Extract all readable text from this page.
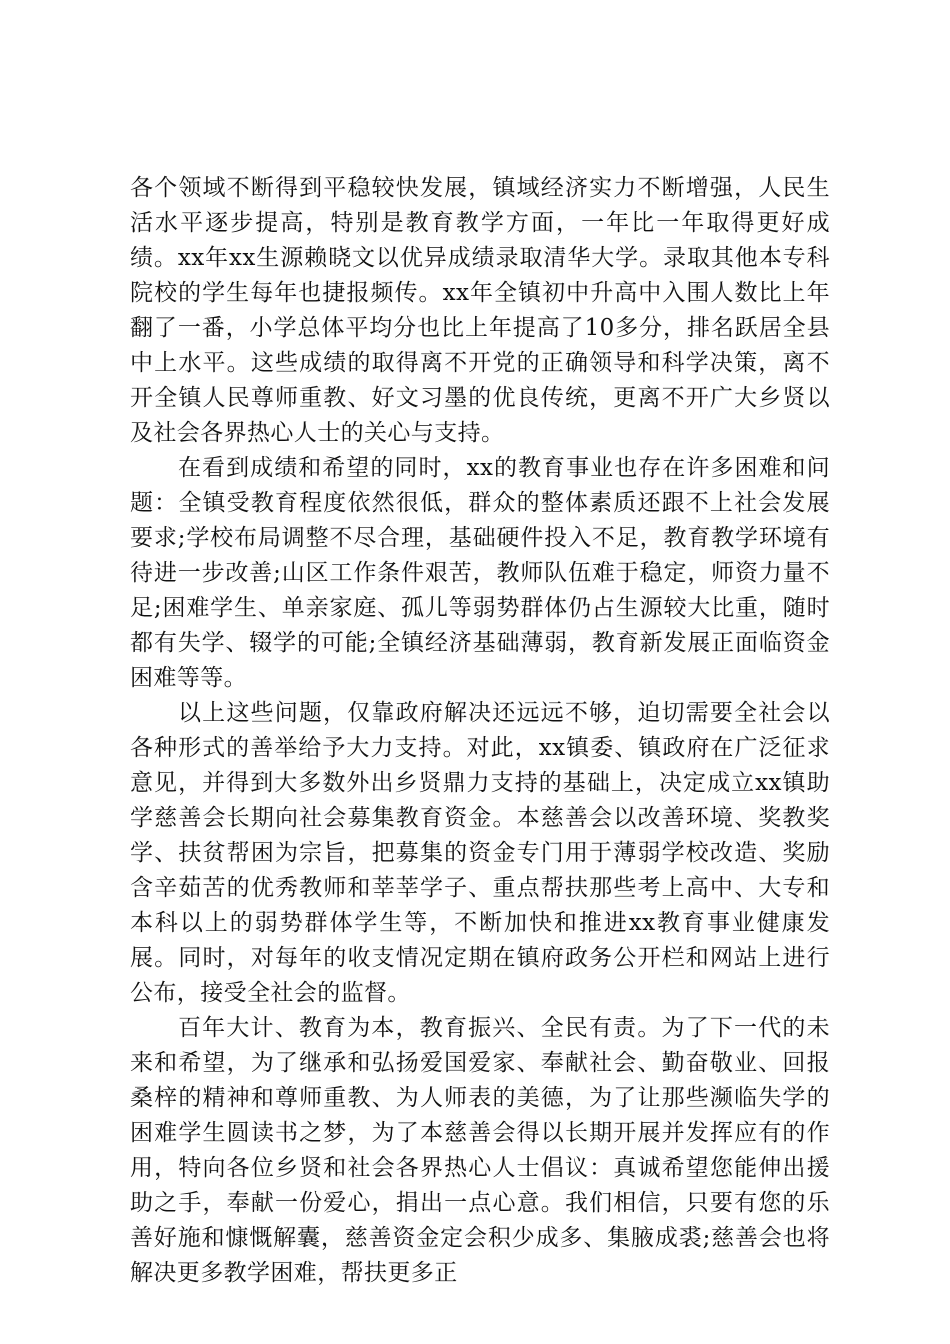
各个领域不断得到平稳较快发展，镇域经济实力不断增强，人民生活水平逐步提高，特别是教育教学方面，一年比一年取得更好成绩。xx年xx生源赖晓文以优异成绩录取清华大学。录取其他本专科院校的学生每年也捷报频传。xx年全镇初中升高中入围人数比上年翻了一番，小学总体平均分也比上年提高了10多分，排名跃居全县中上水平。这些成绩的取得离不开党的正确领导和科学决策，离不开全镇人民尊师重教、好文习墨的优良传统，更离不开广大乡贤以及社会各界热心人士的关心与支持。

在看到成绩和希望的同时，xx的教育事业也存在许多困难和问题：全镇受教育程度依然很低，群众的整体素质还跟不上社会发展要求;学校布局调整不尽合理，基础硬件投入不足，教育教学环境有待进一步改善;山区工作条件艰苦，教师队伍难于稳定，师资力量不足;困难学生、单亲家庭、孤儿等弱势群体仍占生源较大比重，随时都有失学、辍学的可能;全镇经济基础薄弱，教育新发展正面临资金困难等等。

以上这些问题，仅靠政府解决还远远不够，迫切需要全社会以各种形式的善举给予大力支持。对此，xx镇委、镇政府在广泛征求意见，并得到大多数外出乡贤鼎力支持的基础上，决定成立xx镇助学慈善会长期向社会募集教育资金。本慈善会以改善环境、奖教奖学、扶贫帮困为宗旨，把募集的资金专门用于薄弱学校改造、奖励含辛茹苦的优秀教师和莘莘学子、重点帮扶那些考上高中、大专和本科以上的弱势群体学生等，不断加快和推进xx教育事业健康发展。同时，对每年的收支情况定期在镇府政务公开栏和网站上进行公布，接受全社会的监督。

百年大计、教育为本，教育振兴、全民有责。为了下一代的未来和希望，为了继承和弘扬爱国爱家、奉献社会、勤奋敬业、回报桑梓的精神和尊师重教、为人师表的美德，为了让那些濒临失学的困难学生圆读书之梦，为了本慈善会得以长期开展并发挥应有的作用，特向各位乡贤和社会各界热心人士倡议：真诚希望您能伸出援助之手，奉献一份爱心，捐出一点心意。我们相信，只要有您的乐善好施和慷慨解囊，慈善资金定会积少成多、集腋成裘;慈善会也将解决更多教学困难，帮扶更多正
